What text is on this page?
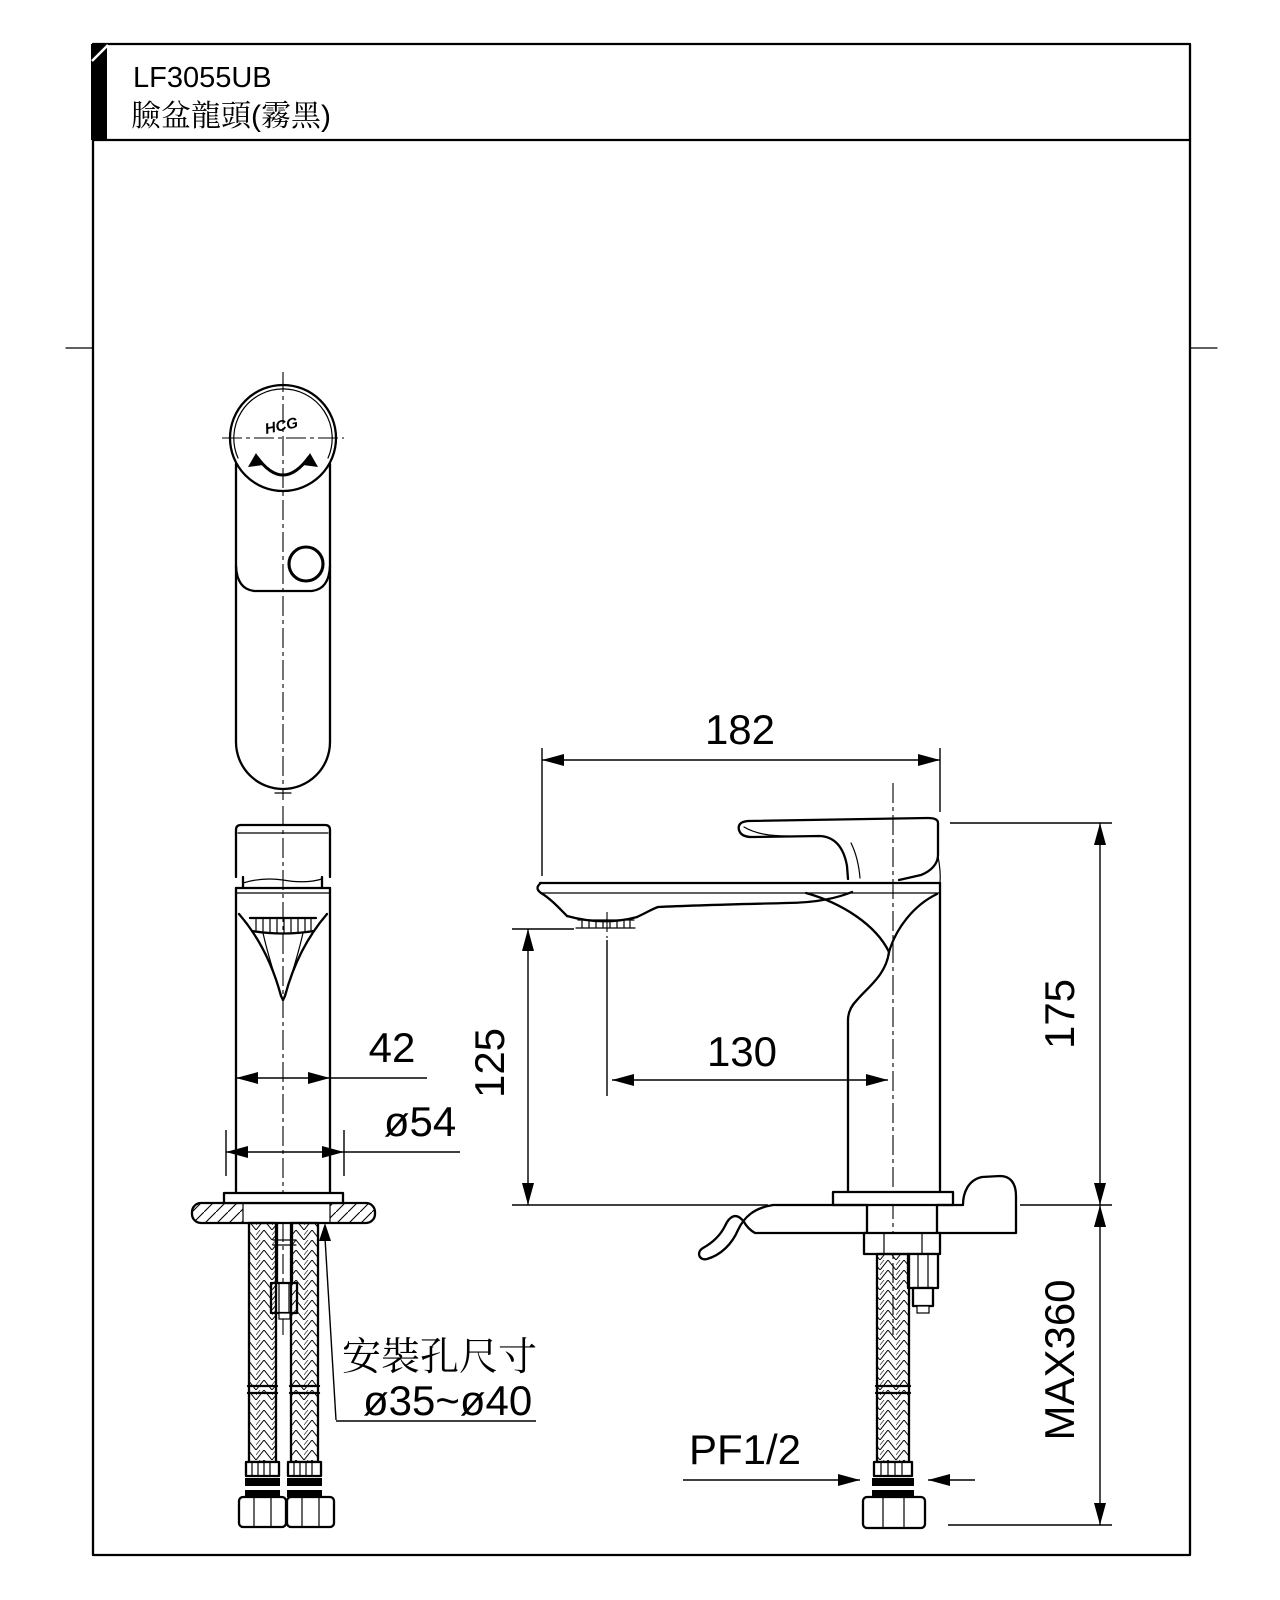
LF3055UB
臉盆龍頭(霧黑)
HCG
182
42
ø54
130
125
175
MAX360
PF1/2
安裝孔尺寸
ø35~ø40
